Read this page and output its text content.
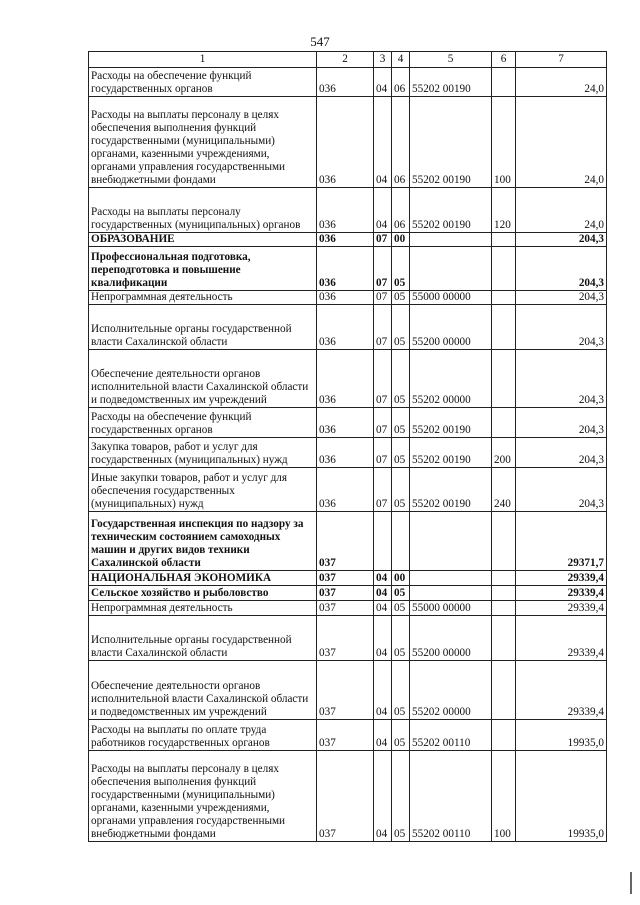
547
1	2	3	4	5	6	7
Расходы на обеспечение функций государственных органов	036	04	06	55202 00190		24,0
Расходы на выплаты персоналу в целях обеспечения выполнения функций государственными (муниципальными) органами, казенными учреждениями, органами управления государственными внебюджетными фондами	036	04	06	55202 00190	100	24,0
Расходы на выплаты персоналу государственных (муниципальных) органов	036	04	06	55202 00190	120	24,0
ОБРАЗОВАНИЕ	036	07	00			204,3
Профессиональная подготовка, переподготовка и повышение квалификации	036	07	05			204,3
Непрограммная деятельность	036	07	05	55000 00000		204,3
Исполнительные органы государственной власти Сахалинской области	036	07	05	55200 00000		204,3
Обеспечение деятельности органов исполнительной власти Сахалинской области и подведомственных им учреждений	036	07	05	55202 00000		204,3
Расходы на обеспечение функций государственных органов	036	07	05	55202 00190		204,3
Закупка товаров, работ и услуг для государственных (муниципальных) нужд	036	07	05	55202 00190	200	204,3
Иные закупки товаров, работ и услуг для обеспечения государственных (муниципальных) нужд	036	07	05	55202 00190	240	204,3
Государственная инспекция по надзору за техническим состоянием самоходных машин и других видов техники Сахалинской области	037					29371,7
НАЦИОНАЛЬНАЯ ЭКОНОМИКА	037	04	00			29339,4
Сельское хозяйство и рыболовство	037	04	05			29339,4
Непрограммная деятельность	037	04	05	55000 00000		29339,4
Исполнительные органы государственной власти Сахалинской области	037	04	05	55200 00000		29339,4
Обеспечение деятельности органов исполнительной власти Сахалинской области и подведомственных им учреждений	037	04	05	55202 00000		29339,4
Расходы на выплаты по оплате труда работников государственных органов	037	04	05	55202 00110		19935,0
Расходы на выплаты персоналу в целях обеспечения выполнения функций государственными (муниципальными) органами, казенными учреждениями, органами управления государственными внебюджетными фондами	037	04	05	55202 00110	100	19935,0
